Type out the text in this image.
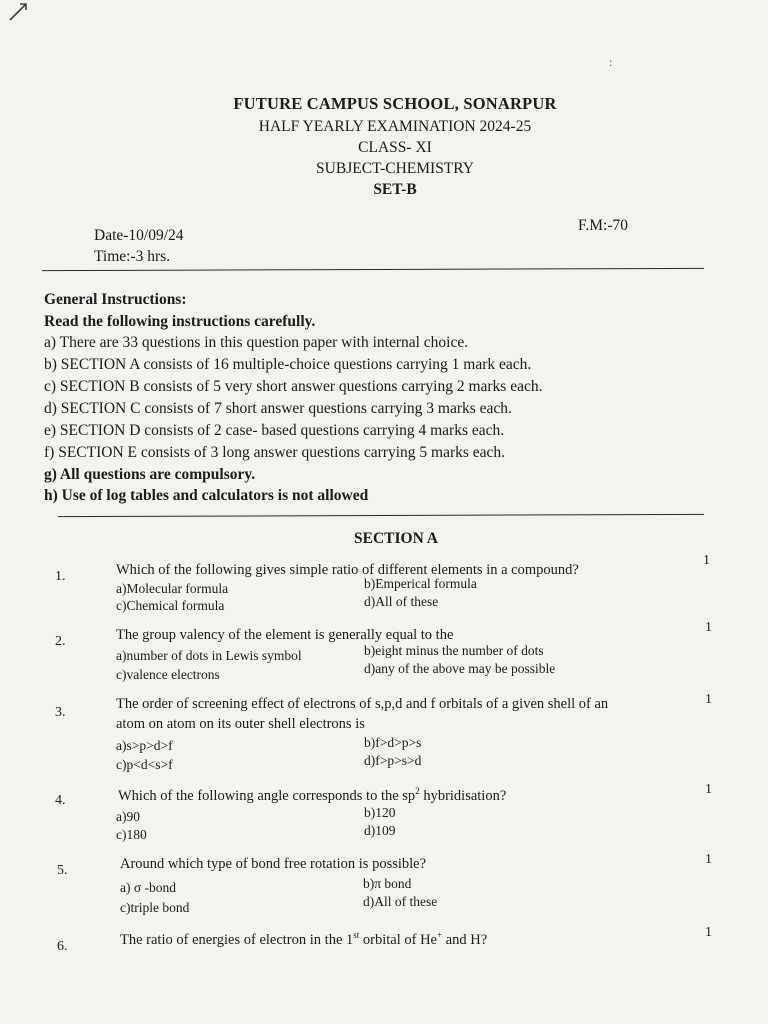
:
FUTURE CAMPUS SCHOOL, SONARPUR
HALF YEARLY EXAMINATION 2024-25
CLASS- XI
SUBJECT-CHEMISTRY
SET-B
Date-10/09/24
Time:-3 hrs.
F.M:-70
General Instructions:
Read the following instructions carefully.
a) There are 33 questions in this question paper with internal choice.
b) SECTION A consists of 16 multiple-choice questions carrying 1 mark each.
c) SECTION B consists of 5 very short answer questions carrying 2 marks each.
d) SECTION C consists of 7 short answer questions carrying 3 marks each.
e) SECTION D consists of 2 case- based questions carrying 4 marks each.
f) SECTION E consists of 3 long answer questions carrying 5 marks each.
g) All questions are compulsory.
h) Use of log tables and calculators is not allowed
SECTION A
1.	Which of the following gives simple ratio of different elements in a compound?
a)Molecular formula	b)Emperical formula
c)Chemical formula	d)All of these
1
2.	The group valency of the element is generally equal to the
a)number of dots in Lewis symbol	b)eight minus the number of dots
c)valence electrons	d)any of the above may be possible
1
3.
The order of screening effect of electrons of s,p,d and f orbitals of a given shell of an
atom on atom on its outer shell electrons is
a)s>p>d>f	b)f>d>p>s
c)p<d<s>f	d)f>p>s>d
1
4.	Which of the following angle corresponds to the $sp^2$ hybridisation?
a)90	b)120
c)180	d)109
1
5.	Around which type of bond free rotation is possible?
a) σ -bond	b)π bond
c)triple bond	d)All of these
1
6.	The ratio of energies of electron in the 1st orbital of He+ and H?	1
